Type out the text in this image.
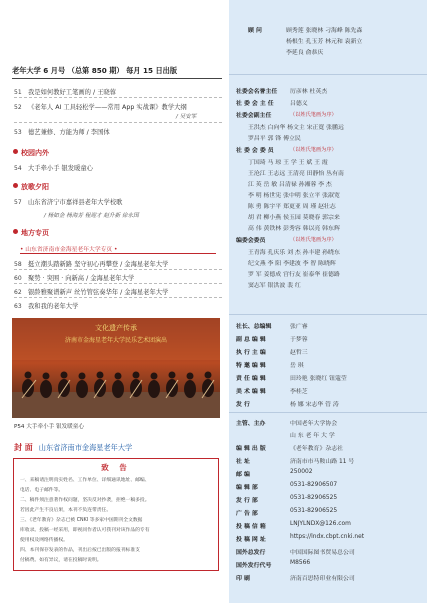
老年大学 6 月号 （总第 850 期） 每月 15 日出版
51 我是如何教好工笔画的 / 王晓蓉
52 《老年人 AI 工具轻松学——常用 App 实战课》教学大纲
/ 吴安军
53 德艺兼修、方能为师 / 李国体
校园内外
54 大手牵小手 银发暖童心
放歌夕阳
57 山东省济宁市嘉祥县老年大学校歌
/ 杨如金 杨海芳 程迎才 赵升新 徐永国
地方专页
• 山东省济南市金海星老年大学专页 •
58 挺立潮头踏新路 坚守初心再攀登 / 金海星老年大学
60 聚势 · 突围 · 向新高 / 金海星老年大学
62 银龄雅聚谱新声 丝竹管弦奏华年 / 金海星老年大学
63 我和我的老年大学
文化遗产传承
济南市金海星老年大学民乐艺术团演出
P54 大手牵小手 银发暖童心
封 面 山东省济南市金海星老年大学
致 告
一、来稿请注明真实姓名、工作单位、详细通讯地址、邮编、
电话、电子邮件等。
二、稿件须注意著作权问题，坚决反对抄袭，拒绝一稿多投。
若因此产生不良后果，本刊不负连带责任。
三、《老年教育》杂志已被 CNKI 等多家中国期刊全文数据
库收录。投稿一经采用，即视同作者认可我刊对该作品的专有
使用权及网络传播权。
四、本刊保存发表的作品，刊出后按已出版的报刊标准支
付稿费。如有异议，请在投稿时说明。
顾 问	顾秀莲 张晓林 刁海峰 陈先森
杨根生 孔玉芳 林元和 袁新立
李延良 俞恭庆
社委会名誉主任 厉彦林 杜英杰
社 委 会 主 任	吕德义
社委会副主任	（以姓氏笔画为序）
王洪杰 白向华 杨文主 宋正寛 张鹏远
罗昌平 郭 锋 傅立民
社 委 会 委 员	（以姓氏笔画为序）
丁国琦 马 琼 王 学 王 斌 王 霞
王沧江 王志远 王清亮 田静怡 丛有南
江 英 岳 敏 吕清禄 孙湘蓉 李 杰
李 明 杨世宪 张中明 张立平 张淑宽
陈 勇 陈宇平 郑更亚 周 瑾 赵壮志
胡 君 柳小燕 侯玉园 莫晓春 郭宗来
高 伟 黄铁林 彭秀容 韩以亮 韩东辉
编委会委员	（以姓氏笔画为序）
王青海 孔庆乐 刘 杰 孙丰建 孙晓东
纪文燕 李 阳 李建波 李 智 陈晓辉
罗 军 姜德成 宫行友 崔泰华 崔德路
窦志军 银洪波 裴 红
社长、总编辑	张广睿
副 总 编 辑	于梦蓉
执 行 主 编	赵哲三
特 邀 编 辑	岳 琪
责 任 编 辑	田玲艳 张晓红 钮蔻莹
美 术 编 辑	李桂芝
发 行	杨 娜 宋志华 管 涛
主管、主办	中国老年大学协会
山 东 老 年 大 学
编 辑 出 版	《老年教育》杂志社
社 址	济南市市马鞍山路 11 号
邮 编	250002
编 辑 部	0531-82906507
发 行 部	0531-82906525
广 告 部	0531-82906525
投 稿 信 箱	LNJYLNDX@126.com
投 稿 网 址	https://lndx.cbpt.cnki.net
国外总发行	中国国际图书贸易总公司
国外发行代号	M8566
印 刷	济南百思特印业有限公司
